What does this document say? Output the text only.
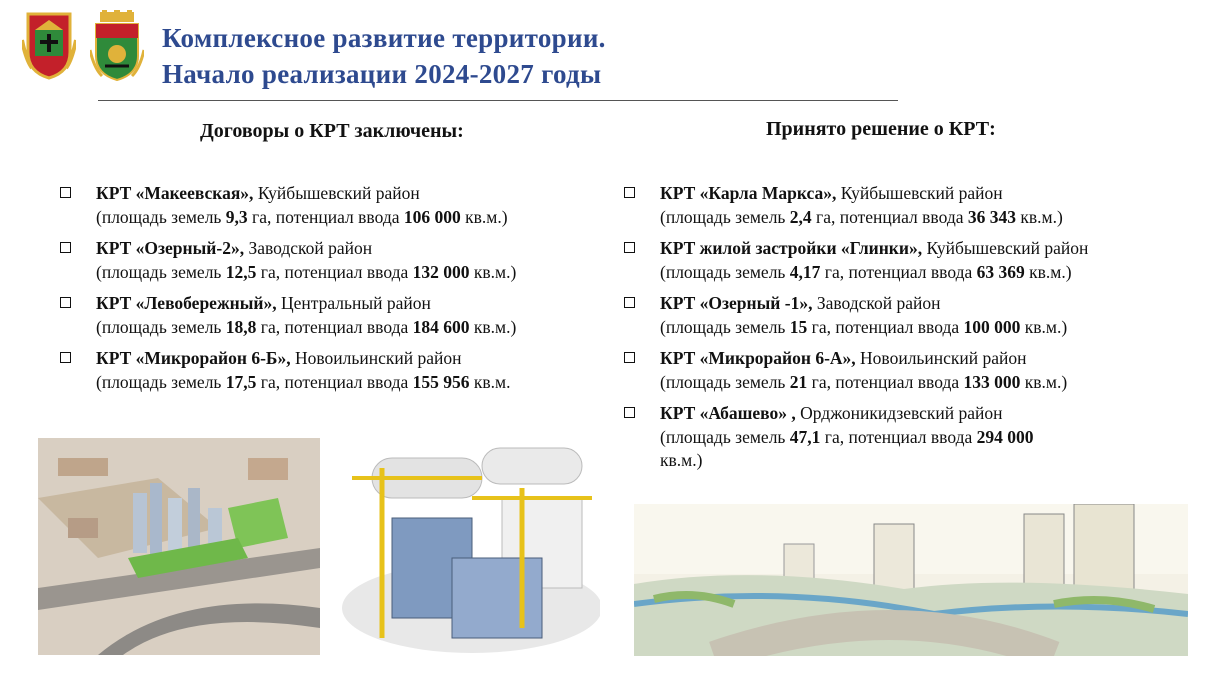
Комплексное развитие территории.
Начало реализации 2024-2027 годы
Договоры о КРТ заключены:	Принято решение о КРТ:
КРТ «Макеевская», Куйбышевский район
(площадь земель 9,3 га, потенциал ввода 106 000 кв.м.)
КРТ «Озерный-2», Заводской район
(площадь земель 12,5 га, потенциал ввода 132 000 кв.м.)
КРТ «Левобережный», Центральный район
(площадь земель 18,8 га, потенциал ввода 184 600 кв.м.)
КРТ «Микрорайон 6-Б», Новоильинский район
(площадь земель 17,5 га, потенциал ввода 155 956 кв.м.
КРТ «Карла Маркса», Куйбышевский район
(площадь земель 2,4 га, потенциал ввода 36 343 кв.м.)
КРТ жилой застройки «Глинки», Куйбышевский район
(площадь земель 4,17 га, потенциал ввода 63 369 кв.м.)
КРТ «Озерный -1», Заводской район
(площадь земель 15 га, потенциал ввода 100 000 кв.м.)
КРТ «Микрорайон 6-А», Новоильинский район
(площадь земель 21 га, потенциал ввода 133 000 кв.м.)
КРТ «Абашево» , Орджоникидзевский район
(площадь земель 47,1 га, потенциал ввода 294 000
кв.м.)
